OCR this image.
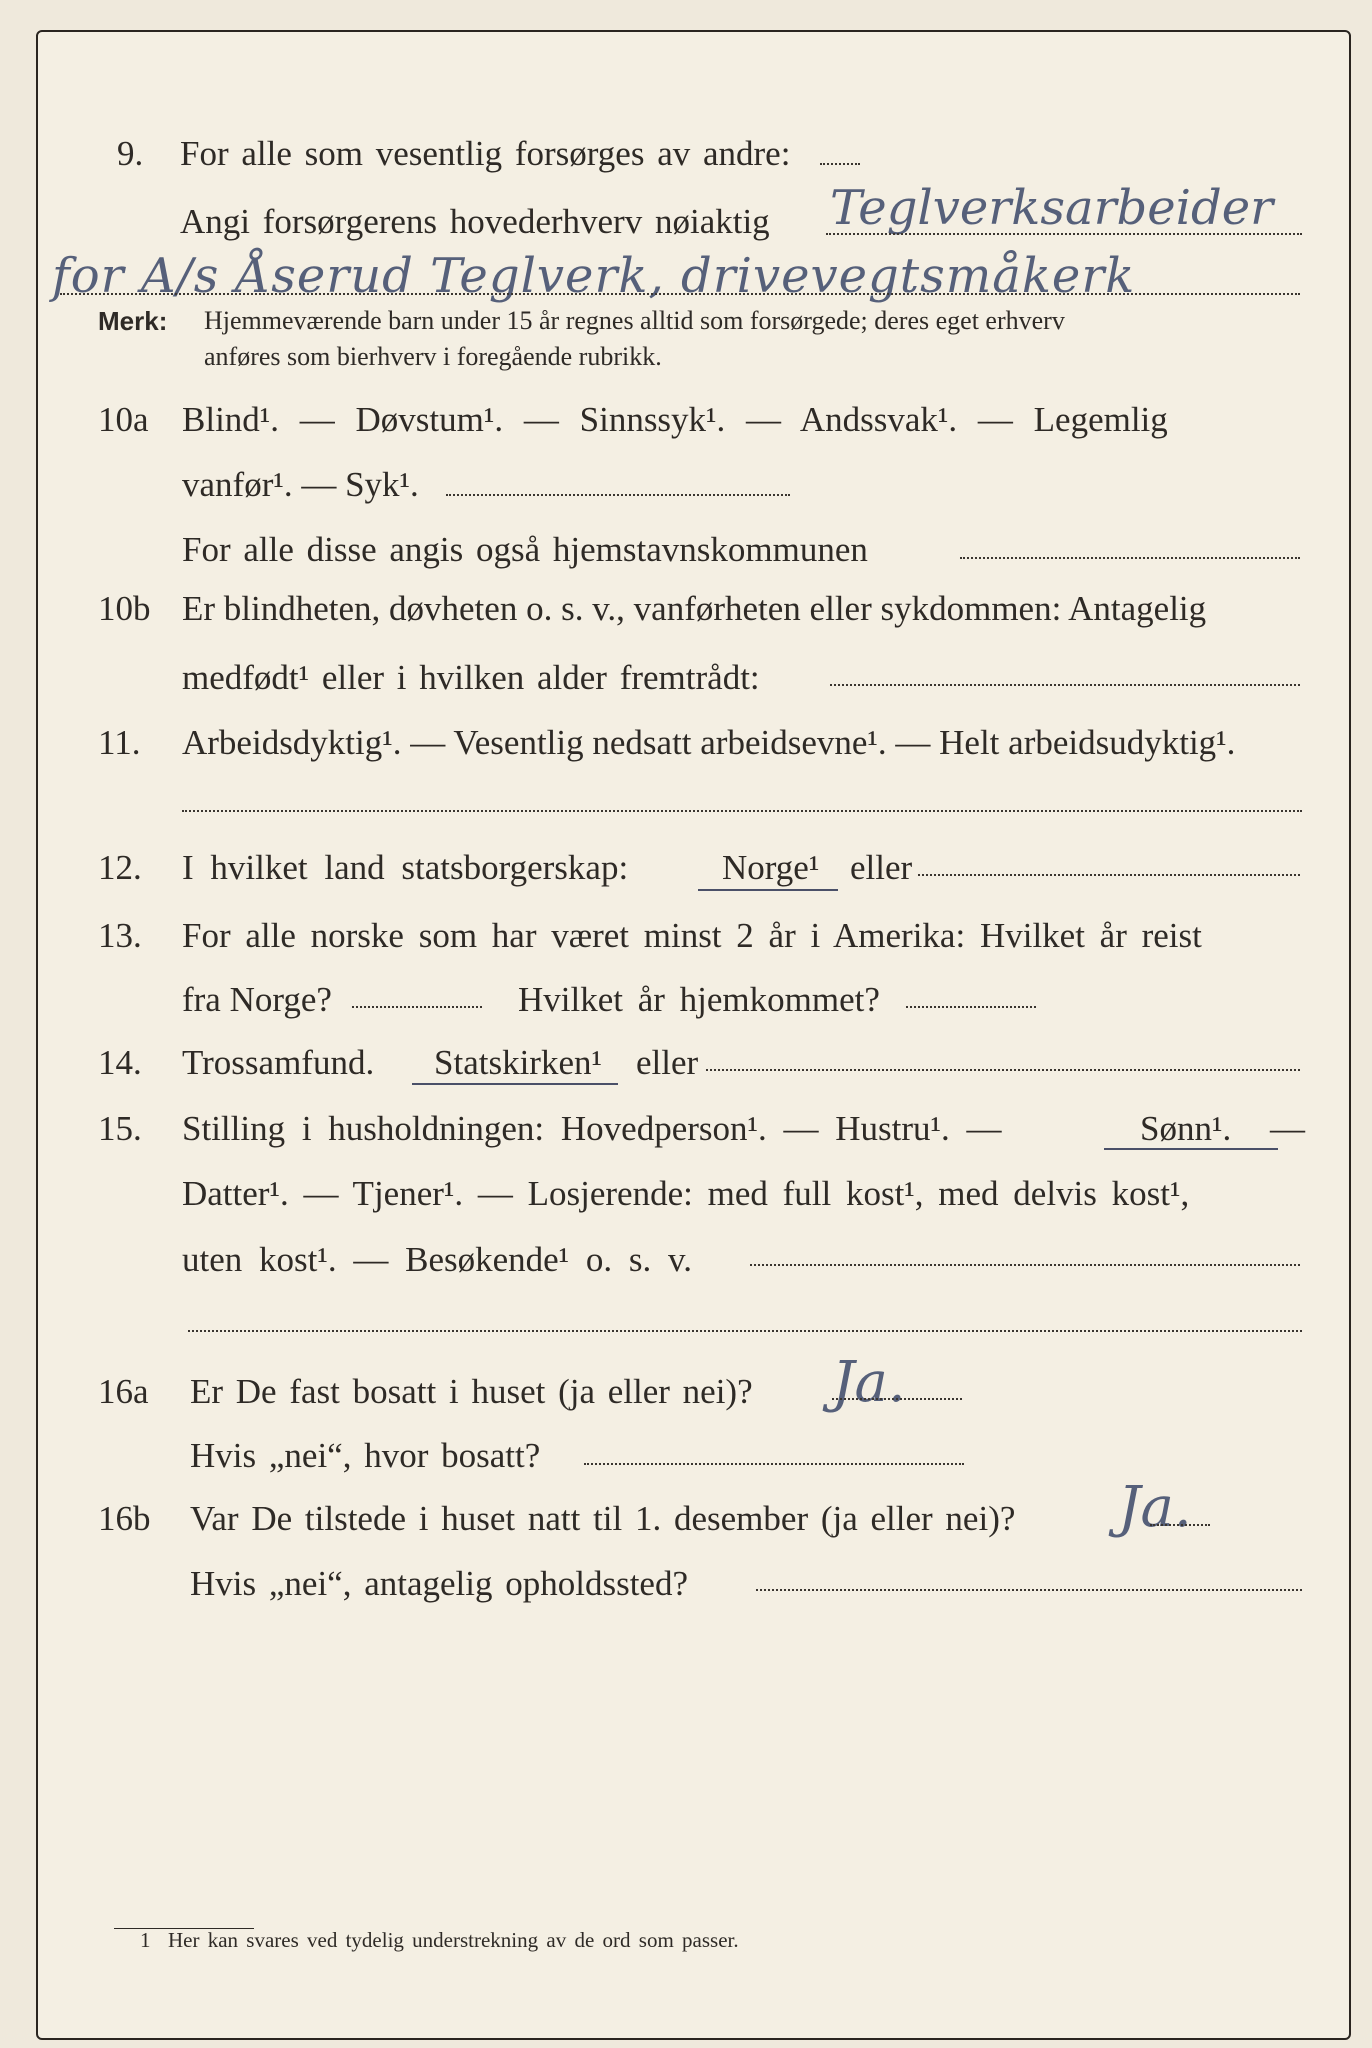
9. For alle som vesentlig forsørges av andre:
Angi forsørgerens hovederhverv nøiaktig Teglverksarbeider
for A/s Åserud Teglverk, drivevegtsmåkerk
Merk: Hjemmeværende barn under 15 år regnes alltid som forsørgede; deres eget erhverv
anføres som bierhverv i foregående rubrikk.
10a Blind¹. — Døvstum¹. — Sinnssyk¹. — Andssvak¹. — Legemlig
vanfør¹. — Syk¹.
For alle disse angis også hjemstavnskommunen
10b Er blindheten, døvheten o. s. v., vanførheten eller sykdommen: Antagelig
medfødt¹ eller i hvilken alder fremtrådt:
11. Arbeidsdyktig¹. — Vesentlig nedsatt arbeidsevne¹. — Helt arbeidsudyktig¹.
12. I hvilket land statsborgerskap:	Norge¹ eller
13. For alle norske som har været minst 2 år i Amerika: Hvilket år reist
fra Norge?	Hvilket år hjemkommet?
14. Trossamfund. Statskirken¹ eller
15. Stilling i husholdningen: Hovedperson¹. — Hustru¹. —	Sønn¹. —
Datter¹. — Tjener¹. — Losjerende: med full kost¹, med delvis kost¹,
uten kost¹. — Besøkende¹ o. s. v.
16a Er De fast bosatt i huset (ja eller nei)? Ja.
Hvis „nei“, hvor bosatt?
16b Var De tilstede i huset natt til 1. desember (ja eller nei)? Ja.
Hvis „nei“, antagelig opholdssted?
1 Her kan svares ved tydelig understrekning av de ord som passer.
